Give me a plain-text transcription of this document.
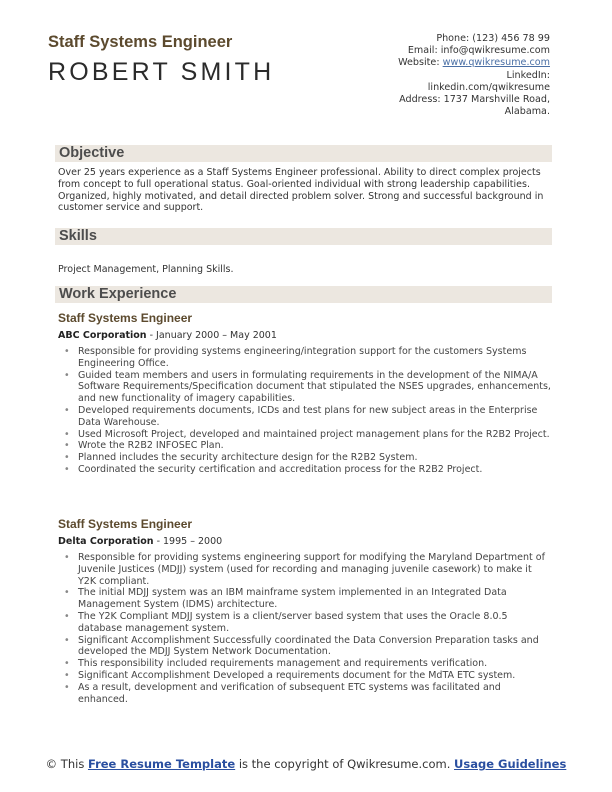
Staff Systems Engineer
ROBERT SMITH
Phone: (123) 456 78 99
Email: info@qwikresume.com
Website: www.qwikresume.com
LinkedIn:
linkedin.com/qwikresume
Address: 1737 Marshville Road,
Alabama.
Objective
Over 25 years experience as a Staff Systems Engineer professional. Ability to direct complex projects from concept to full operational status. Goal-oriented individual with strong leadership capabilities. Organized, highly motivated, and detail directed problem solver. Strong and successful background in customer service and support.
Skills
Project Management, Planning Skills.
Work Experience
Staff Systems Engineer
ABC Corporation - January 2000 – May 2001
• Responsible for providing systems engineering/integration support for the customers Systems Engineering Office.
• Guided team members and users in formulating requirements in the development of the NIMA/A Software Requirements/Specification document that stipulated the NSES upgrades, enhancements, and new functionality of imagery capabilities.
• Developed requirements documents, ICDs and test plans for new subject areas in the Enterprise Data Warehouse.
• Used Microsoft Project, developed and maintained project management plans for the R2B2 Project.
• Wrote the R2B2 INFOSEC Plan.
• Planned includes the security architecture design for the R2B2 System.
• Coordinated the security certification and accreditation process for the R2B2 Project.
Staff Systems Engineer
Delta Corporation - 1995 – 2000
• Responsible for providing systems engineering support for modifying the Maryland Department of Juvenile Justices (MDJJ) system (used for recording and managing juvenile casework) to make it Y2K compliant.
• The initial MDJJ system was an IBM mainframe system implemented in an Integrated Data Management System (IDMS) architecture.
• The Y2K Compliant MDJJ system is a client/server based system that uses the Oracle 8.0.5 database management system.
• Significant Accomplishment Successfully coordinated the Data Conversion Preparation tasks and developed the MDJJ System Network Documentation.
• This responsibility included requirements management and requirements verification.
• Significant Accomplishment Developed a requirements document for the MdTA ETC system.
• As a result, development and verification of subsequent ETC systems was facilitated and enhanced.
© This Free Resume Template is the copyright of Qwikresume.com. Usage Guidelines
